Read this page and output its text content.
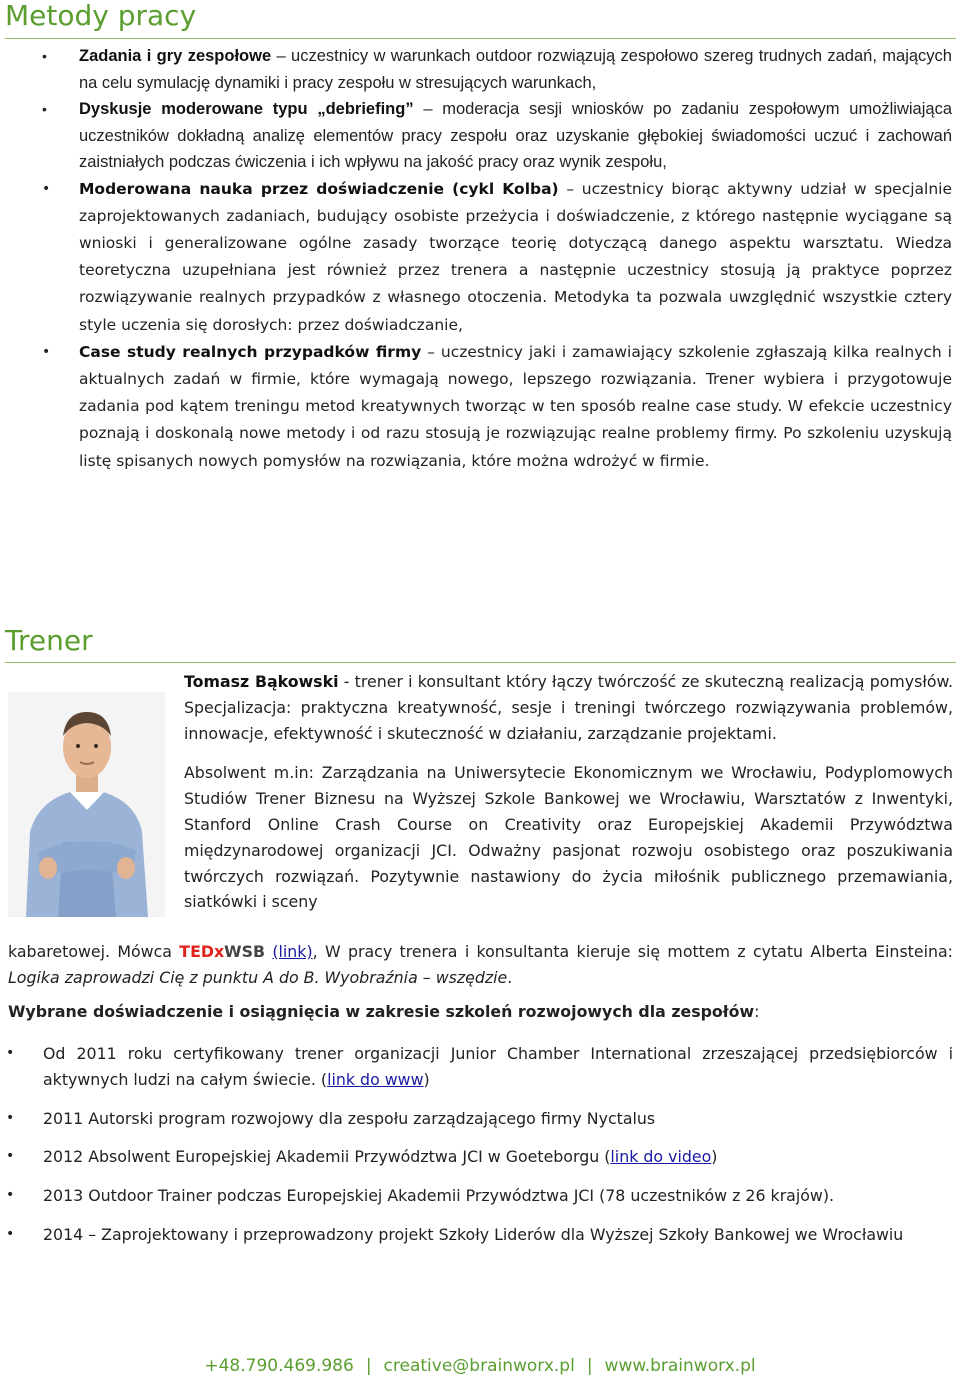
Metody pracy
• Zadania i gry zespołowe – uczestnicy w warunkach outdoor rozwiązują zespołowo szereg trudnych zadań, mających na celu symulację dynamiki i pracy zespołu w stresujących warunkach,
• Dyskusje moderowane typu „debriefing” – moderacja sesji wniosków po zadaniu zespołowym umożliwiająca uczestników dokładną analizę elementów pracy zespołu oraz uzyskanie głębokiej świadomości uczuć i zachowań zaistniałych podczas ćwiczenia i ich wpływu na jakość pracy oraz wynik zespołu,
• Moderowana nauka przez doświadczenie (cykl Kolba) – uczestnicy biorąc aktywny udział w specjalnie zaprojektowanych zadaniach, budujący osobiste przeżycia i doświadczenie, z którego następnie wyciągane są wnioski i generalizowane ogólne zasady tworzące teorię dotyczącą danego aspektu warsztatu. Wiedza teoretyczna uzupełniana jest również przez trenera a następnie uczestnicy stosują ją praktyce poprzez rozwiązywanie realnych przypadków z własnego otoczenia. Metodyka ta pozwala uwzględnić wszystkie cztery style uczenia się dorosłych: przez doświadczanie,
• Case study realnych przypadków firmy – uczestnicy jaki i zamawiający szkolenie zgłaszają kilka realnych i aktualnych zadań w firmie, które wymagają nowego, lepszego rozwiązania. Trener wybiera i przygotowuje zadania pod kątem treningu metod kreatywnych tworząc w ten sposób realne case study. W efekcie uczestnicy poznają i doskonalą nowe metody i od razu stosują je rozwiązując realne problemy firmy. Po szkoleniu uzyskują listę spisanych nowych pomysłów na rozwiązania, które można wdrożyć w firmie.
Trener

Tomasz Bąkowski - trener i konsultant który łączy twórczość ze skuteczną realizacją pomysłów. Specjalizacja: praktyczna kreatywność, sesje i treningi twórczego rozwiązywania problemów, innowacje, efektywność i skuteczność w działaniu, zarządzanie projektami.

Absolwent m.in: Zarządzania na Uniwersytecie Ekonomicznym we Wrocławiu, Podyplomowych Studiów Trener Biznesu na Wyższej Szkole Bankowej we Wrocławiu, Warsztatów z Inwentyki, Stanford Online Crash Course on Creativity oraz Europejskiej Akademii Przywództwa międzynarodowej organizacji JCI. Odważny pasjonat rozwoju osobistego oraz poszukiwania twórczych rozwiązań. Pozytywnie nastawiony do życia miłośnik publicznego przemawiania, siatkówki i sceny

kabaretowej. Mówca TEDxWSB (link), W pracy trenera i konsultanta kieruje się mottem z cytatu Alberta Einsteina: Logika zaprowadzi Cię z punktu A do B. Wyobraźnia – wszędzie.
Wybrane doświadczenie i osiągnięcia w zakresie szkoleń rozwojowych dla zespołów:
• Od 2011 roku certyfikowany trener organizacji Junior Chamber International zrzeszającej przedsiębiorców i aktywnych ludzi na całym świecie. (link do www)
• 2011 Autorski program rozwojowy dla zespołu zarządzającego firmy Nyctalus
• 2012 Absolwent Europejskiej Akademii Przywództwa JCI w Goeteborgu (link do video)
• 2013 Outdoor Trainer podczas Europejskiej Akademii Przywództwa JCI (78 uczestników z 26 krajów).
• 2014 – Zaprojektowany i przeprowadzony projekt Szkoły Liderów dla Wyższej Szkoły Bankowej we Wrocławiu
+48.790.469.986 | creative@brainworx.pl | www.brainworx.pl
